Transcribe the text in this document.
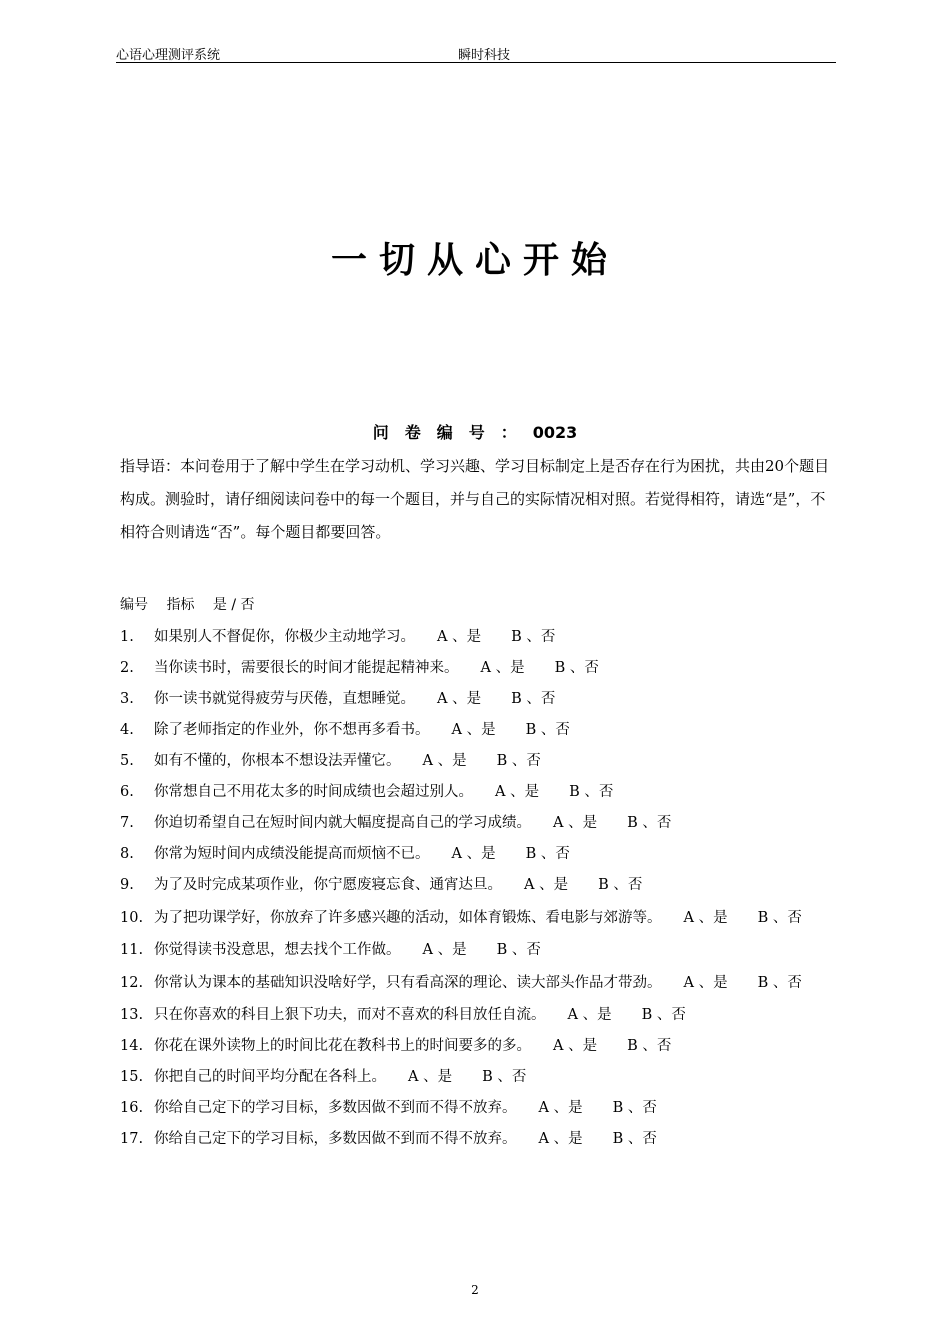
心语心理测评系统	瞬时科技
一切从心开始
问卷编号：0023

指导语：本问卷用于了解中学生在学习动机、学习兴趣、学习目标制定上是否存在行为困扰，共由20个题目构成。测验时，请仔细阅读问卷中的每一个题目，并与自己的实际情况相对照。若觉得相符，请选“是”，不相符合则请选“否”。每个题目都要回答。

编号 指标 是 / 否
1. 如果别人不督促你，你极少主动地学习。 A 、是 B 、否
2. 当你读书时，需要很长的时间才能提起精神来。 A 、是 B 、否
3. 你一读书就觉得疲劳与厌倦，直想睡觉。 A 、是 B 、否
4. 除了老师指定的作业外，你不想再多看书。 A 、是 B 、否
5. 如有不懂的，你根本不想设法弄懂它。 A 、是 B 、否
6. 你常想自己不用花太多的时间成绩也会超过别人。 A 、是 B 、否
7. 你迫切希望自己在短时间内就大幅度提高自己的学习成绩。 A 、是 B 、否
8. 你常为短时间内成绩没能提高而烦恼不已。 A 、是 B 、否
9. 为了及时完成某项作业，你宁愿废寝忘食、通宵达旦。 A 、是 B 、否
10. 为了把功课学好，你放弃了许多感兴趣的活动，如体育锻炼、看电影与郊游等。 A 、是 B 、否
11. 你觉得读书没意思，想去找个工作做。 A 、是 B 、否
12. 你常认为课本的基础知识没啥好学，只有看高深的理论、读大部头作品才带劲。 A 、是 B 、否
13. 只在你喜欢的科目上狠下功夫，而对不喜欢的科目放任自流。 A 、是 B 、否
14. 你花在课外读物上的时间比花在教科书上的时间要多的多。 A 、是 B 、否
15. 你把自己的时间平均分配在各科上。 A 、是 B 、否
16. 你给自己定下的学习目标，多数因做不到而不得不放弃。 A 、是 B 、否
17. 你给自己定下的学习目标，多数因做不到而不得不放弃。 A 、是 B 、否
2
